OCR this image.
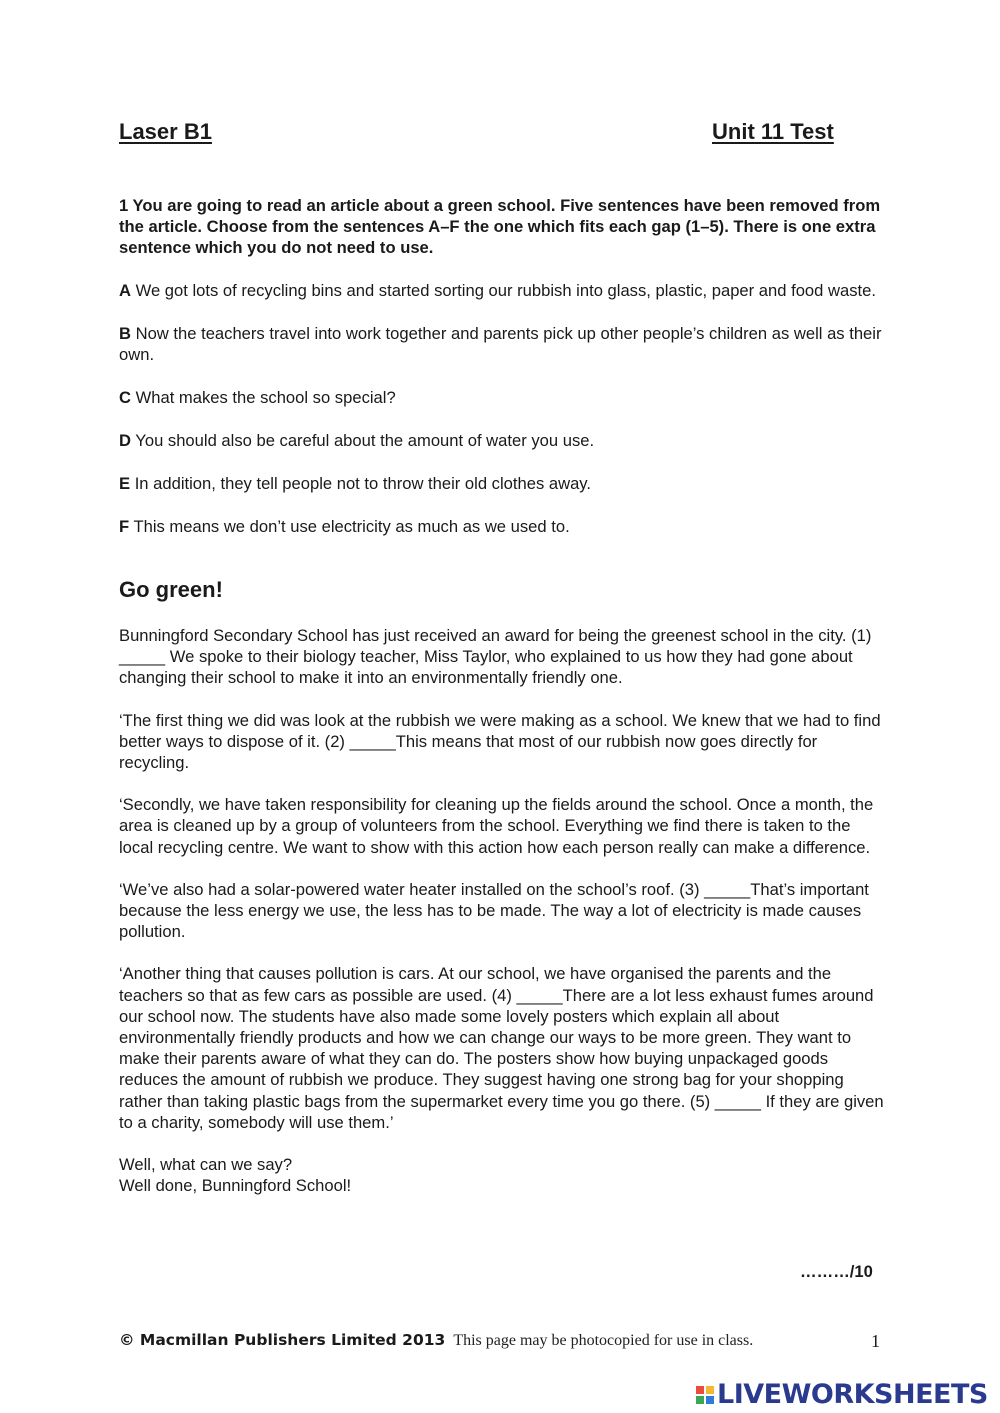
Laser B1	Unit 11 Test
1 You are going to read an article about a green school. Five sentences have been removed from the article. Choose from the sentences A–F the one which fits each gap (1–5). There is one extra sentence which you do not need to use.
A We got lots of recycling bins and started sorting our rubbish into glass, plastic, paper and food waste.
B Now the teachers travel into work together and parents pick up other people’s children as well as their own.
C What makes the school so special?
D You should also be careful about the amount of water you use.
E In addition, they tell people not to throw their old clothes away.
F This means we don’t use electricity as much as we used to.
Go green!

Bunningford Secondary School has just received an award for being the greenest school in the city. (1) _____ We spoke to their biology teacher, Miss Taylor, who explained to us how they had gone about changing their school to make it into an environmentally friendly one.

‘The first thing we did was look at the rubbish we were making as a school. We knew that we had to find better ways to dispose of it. (2) _____This means that most of our rubbish now goes directly for recycling.

‘Secondly, we have taken responsibility for cleaning up the fields around the school. Once a month, the area is cleaned up by a group of volunteers from the school. Everything we find there is taken to the local recycling centre. We want to show with this action how each person really can make a difference.

‘We’ve also had a solar-powered water heater installed on the school’s roof. (3) _____That’s important because the less energy we use, the less has to be made. The way a lot of electricity is made causes pollution.

‘Another thing that causes pollution is cars. At our school, we have organised the parents and the teachers so that as few cars as possible are used. (4) _____There are a lot less exhaust fumes around our school now. The students have also made some lovely posters which explain all about environmentally friendly products and how we can change our ways to be more green. They want to make their parents aware of what they can do. The posters show how buying unpackaged goods reduces the amount of rubbish we produce. They suggest having one strong bag for your shopping rather than taking plastic bags from the supermarket every time you go there. (5) _____ If they are given to a charity, somebody will use them.’

Well, what can we say?
Well done, Bunningford School!
………/10
© Macmillan Publishers Limited 2013 This page may be photocopied for use in class.	1
LIVEWORKSHEETS
